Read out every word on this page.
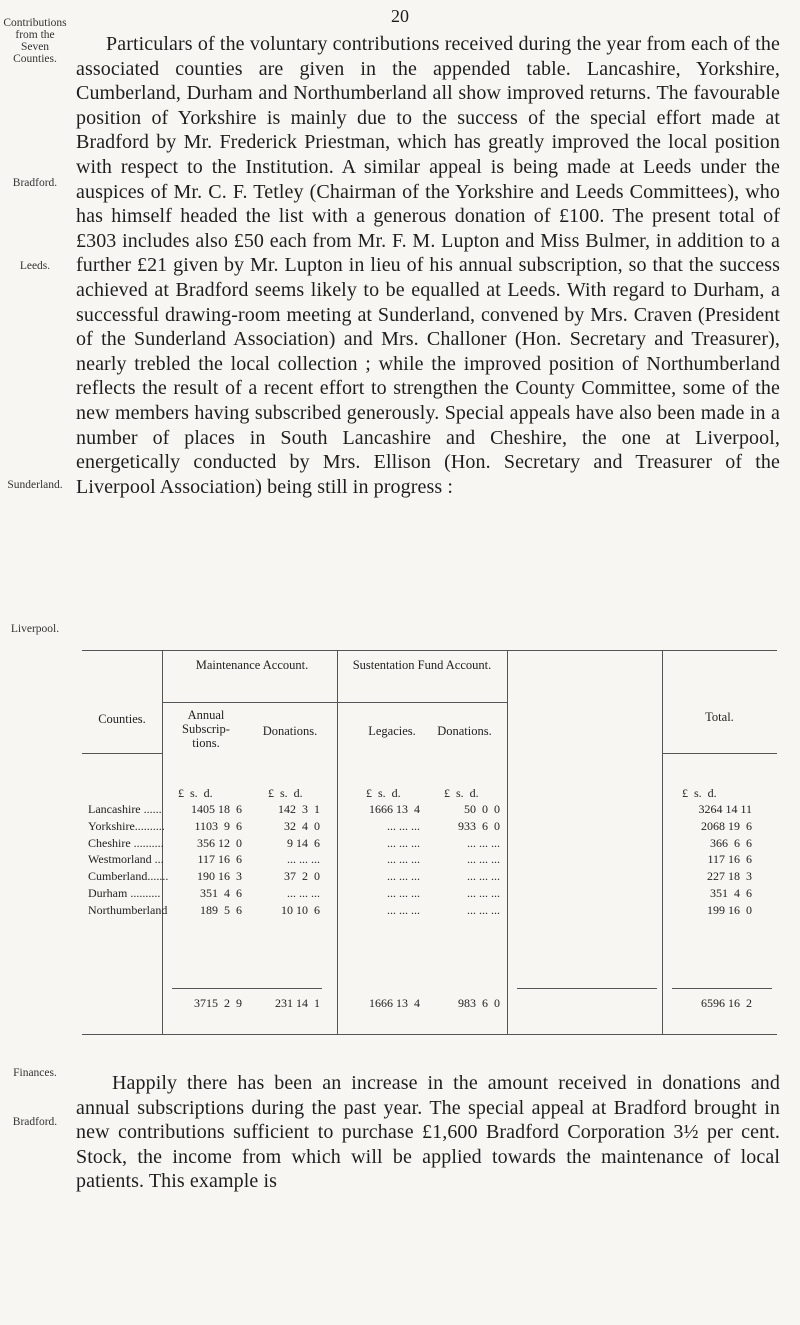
20
Contributions from the Seven Counties.
Bradford.
Leeds.
Sunderland.
Liverpool.
Finances.
Bradford.
Particulars of the voluntary contributions received during the year from each of the associated counties are given in the appended table. Lancashire, Yorkshire, Cumberland, Durham and Northumberland all show improved returns. The favourable position of Yorkshire is mainly due to the success of the special effort made at Bradford by Mr. Frederick Priestman, which has greatly improved the local position with respect to the Institution. A similar appeal is being made at Leeds under the auspices of Mr. C. F. Tetley (Chairman of the Yorkshire and Leeds Committees), who has himself headed the list with a generous donation of £100. The present total of £303 includes also £50 each from Mr. F. M. Lupton and Miss Bulmer, in addition to a further £21 given by Mr. Lupton in lieu of his annual subscription, so that the success achieved at Bradford seems likely to be equalled at Leeds. With regard to Durham, a successful drawing-room meeting at Sunderland, convened by Mrs. Craven (President of the Sunderland Association) and Mrs. Challoner (Hon. Secretary and Treasurer), nearly trebled the local collection ; while the improved position of Northumberland reflects the result of a recent effort to strengthen the County Committee, some of the new members having subscribed generously. Special appeals have also been made in a number of places in South Lancashire and Cheshire, the one at Liverpool, energetically conducted by Mrs. Ellison (Hon. Secretary and Treasurer of the Liverpool Association) being still in progress :
Counties.
Maintenance Account.	Sustentation Fund Account.
Total.
Annual Subscrip- tions.
Donations.	Legacies.	Donations.
£  s.  d.	£  s.  d.	£  s.  d.	£  s.  d.	£  s.  d.
Lancashire ......	1405 18  6	142  3  1	1666 13  4	50  0  0	3264 14 11
Yorkshire..........	1103  9  6	32  4  0	... ... ...	933  6  0	2068 19  6
Cheshire ..........	356 12  0	9 14  6	... ... ...	... ... ...	366  6  6
Westmorland ...	117 16  6	... ... ...	... ... ...	... ... ...	117 16  6
Cumberland.......	190 16  3	37  2  0	... ... ...	... ... ...	227 18  3
Durham ..........	351  4  6	... ... ...	... ... ...	... ... ...	351  4  6
Northumberland	189  5  6	10 10  6	... ... ...	... ... ...	199 16  0
3715  2  9	231 14  1	1666 13  4	983  6  0	6596 16  2
Happily there has been an increase in the amount received in donations and annual subscriptions during the past year. The special appeal at Bradford brought in new contributions sufficient to purchase £1,600 Bradford Corporation 3½ per cent. Stock, the income from which will be applied towards the maintenance of local patients. This example is
